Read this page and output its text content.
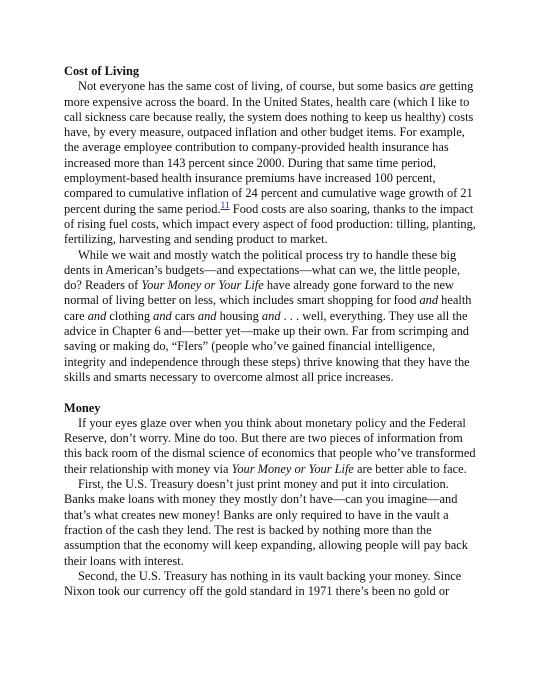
Cost of Living

Not everyone has the same cost of living, of course, but some basics are getting more expensive across the board. In the United States, health care (which I like to call sickness care because really, the system does nothing to keep us healthy) costs have, by every measure, outpaced inflation and other budget items. For example, the average employee contribution to company-provided health insurance has increased more than 143 percent since 2000. During that same time period, employment-based health insurance premiums have increased 100 percent, compared to cumulative inflation of 24 percent and cumulative wage growth of 21 percent during the same period.$^{11}$ Food costs are also soaring, thanks to the impact of rising fuel costs, which impact every aspect of food production: tilling, planting, fertilizing, harvesting and sending product to market.

While we wait and mostly watch the political process try to handle these big dents in American’s budgets—and expectations—what can we, the little people, do? Readers of Your Money or Your Life have already gone forward to the new normal of living better on less, which includes smart shopping for food and health care and clothing and cars and housing and . . . well, everything. They use all the advice in Chapter 6 and—better yet—make up their own. Far from scrimping and saving or making do, “FIers” (people who’ve gained financial intelligence, integrity and independence through these steps) thrive knowing that they have the skills and smarts necessary to overcome almost all price increases.

Money

If your eyes glaze over when you think about monetary policy and the Federal Reserve, don’t worry. Mine do too. But there are two pieces of information from this back room of the dismal science of economics that people who’ve transformed their relationship with money via Your Money or Your Life are better able to face.

First, the U.S. Treasury doesn’t just print money and put it into circulation. Banks make loans with money they mostly don’t have—can you imagine—and that’s what creates new money! Banks are only required to have in the vault a fraction of the cash they lend. The rest is backed by nothing more than the assumption that the economy will keep expanding, allowing people will pay back their loans with interest.

Second, the U.S. Treasury has nothing in its vault backing your money. Since Nixon took our currency off the gold standard in 1971 there’s been no gold or
